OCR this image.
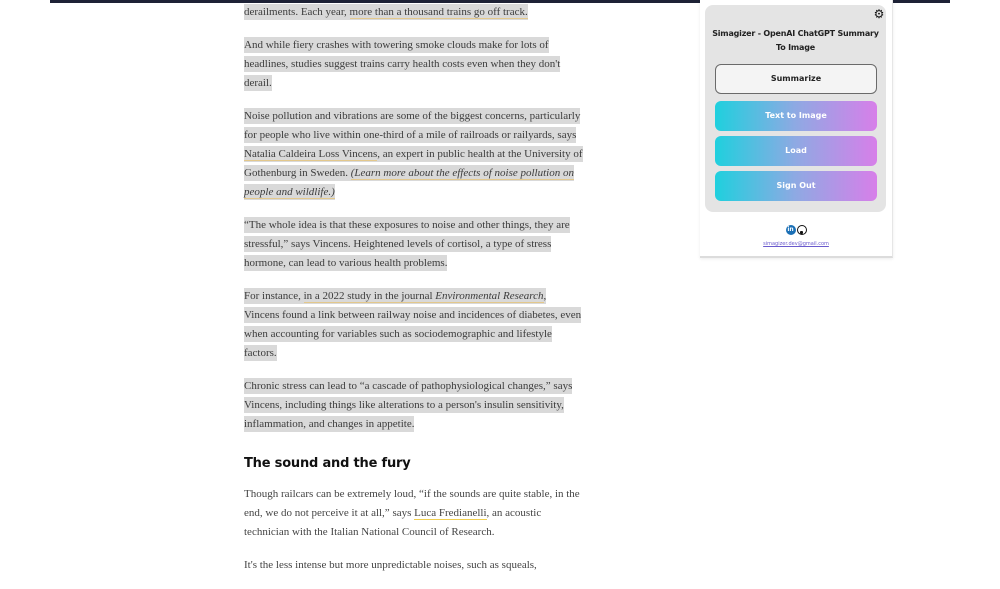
derailments. Each year, more than a thousand trains go off track.

And while fiery crashes with towering smoke clouds make for lots of headlines, studies suggest trains carry health costs even when they don't derail.

Noise pollution and vibrations are some of the biggest concerns, particularly for people who live within one-third of a mile of railroads or railyards, says Natalia Caldeira Loss Vincens, an expert in public health at the University of Gothenburg in Sweden. (Learn more about the effects of noise pollution on people and wildlife.)

“The whole idea is that these exposures to noise and other things, they are stressful,” says Vincens. Heightened levels of cortisol, a type of stress hormone, can lead to various health problems.

For instance, in a 2022 study in the journal Environmental Research, Vincens found a link between railway noise and incidences of diabetes, even when accounting for variables such as sociodemographic and lifestyle factors.

Chronic stress can lead to “a cascade of pathophysiological changes,” says Vincens, including things like alterations to a person's insulin sensitivity, inflammation, and changes in appetite.

The sound and the fury

Though railcars can be extremely loud, “if the sounds are quite stable, in the end, we do not perceive it at all,” says Luca Fredianelli, an acoustic technician with the Italian National Council of Research.

It's the less intense but more unpredictable noises, such as squeals,

⚙
Simagizer - OpenAI ChatGPT Summary To Image
Summarize
Text to Image
Load
Sign Out
in
simagizer.dev@gmail.com
